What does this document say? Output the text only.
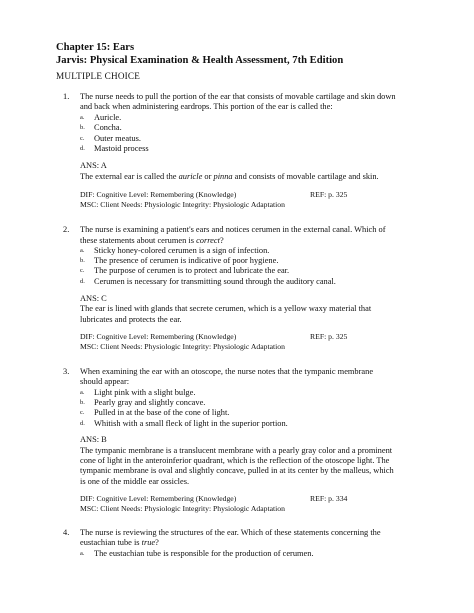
Chapter 15: Ears
Jarvis: Physical Examination & Health Assessment, 7th Edition
MULTIPLE CHOICE
1. The nurse needs to pull the portion of the ear that consists of movable cartilage and skin down
and back when administering eardrops. This portion of the ear is called the:
a. Auricle.
b. Concha.
c. Outer meatus.
d. Mastoid process
ANS: A
The external ear is called the auricle or pinna and consists of movable cartilage and skin.
DIF: Cognitive Level: Remembering (Knowledge)	REF: p. 325
MSC: Client Needs: Physiologic Integrity: Physiologic Adaptation
2. The nurse is examining a patient's ears and notices cerumen in the external canal. Which of
these statements about cerumen is correct?
a. Sticky honey-colored cerumen is a sign of infection.
b. The presence of cerumen is indicative of poor hygiene.
c. The purpose of cerumen is to protect and lubricate the ear.
d. Cerumen is necessary for transmitting sound through the auditory canal.
ANS: C
The ear is lined with glands that secrete cerumen, which is a yellow waxy material that
lubricates and protects the ear.
DIF: Cognitive Level: Remembering (Knowledge)	REF: p. 325
MSC: Client Needs: Physiologic Integrity: Physiologic Adaptation
3. When examining the ear with an otoscope, the nurse notes that the tympanic membrane
should appear:
a. Light pink with a slight bulge.
b. Pearly gray and slightly concave.
c. Pulled in at the base of the cone of light.
d. Whitish with a small fleck of light in the superior portion.
ANS: B
The tympanic membrane is a translucent membrane with a pearly gray color and a prominent
cone of light in the anteroinferior quadrant, which is the reflection of the otoscope light. The
tympanic membrane is oval and slightly concave, pulled in at its center by the malleus, which
is one of the middle ear ossicles.
DIF: Cognitive Level: Remembering (Knowledge)	REF: p. 334
MSC: Client Needs: Physiologic Integrity: Physiologic Adaptation
4. The nurse is reviewing the structures of the ear. Which of these statements concerning the
eustachian tube is true?
a. The eustachian tube is responsible for the production of cerumen.
